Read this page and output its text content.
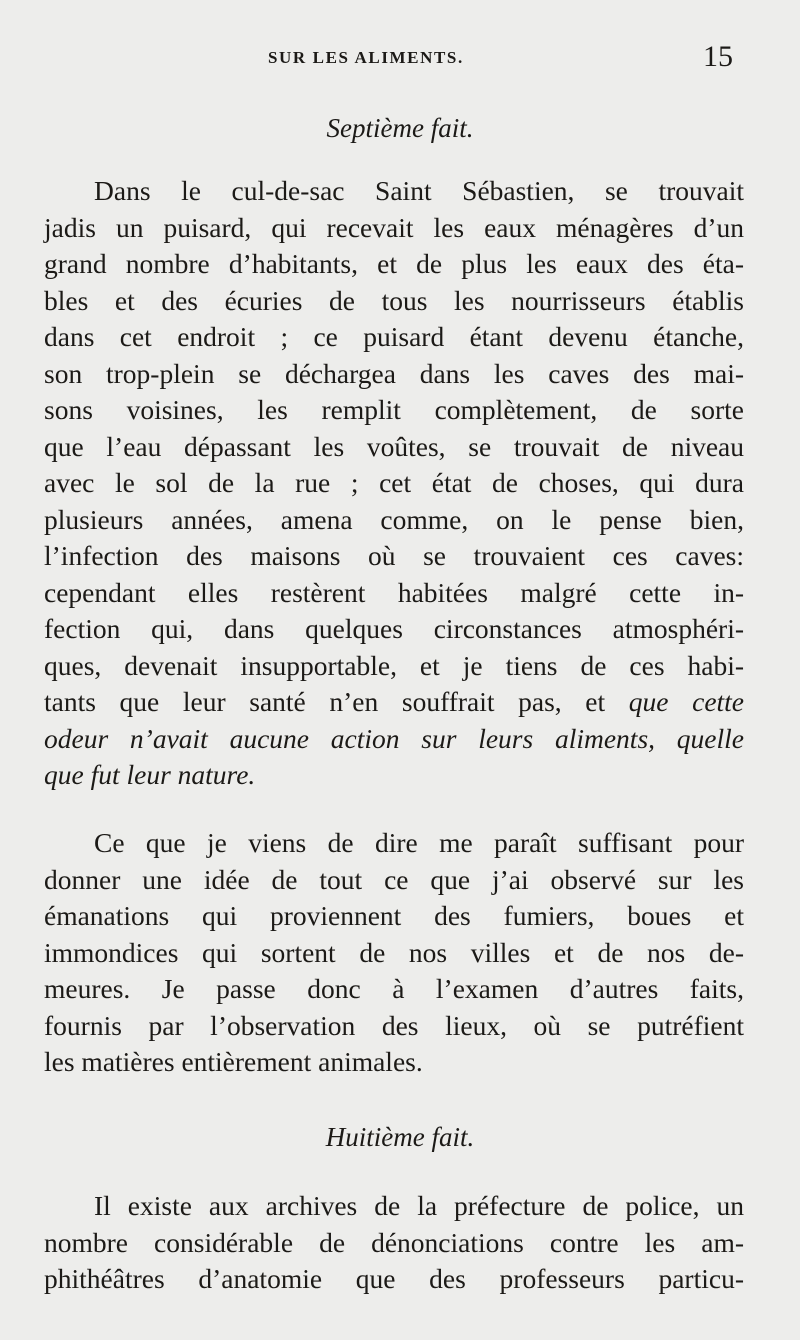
SUR LES ALIMENTS.	15
Septième fait.
Dans le cul-de-sac Saint Sébastien, se trouvait
jadis un puisard, qui recevait les eaux ménagères d’un
grand nombre d’habitants, et de plus les eaux des éta-
bles et des écuries de tous les nourrisseurs établis
dans cet endroit ; ce puisard étant devenu étanche,
son trop-plein se déchargea dans les caves des mai-
sons voisines, les remplit complètement, de sorte
que l’eau dépassant les voûtes, se trouvait de niveau
avec le sol de la rue ; cet état de choses, qui dura
plusieurs années, amena comme, on le pense bien,
l’infection des maisons où se trouvaient ces caves:
cependant elles restèrent habitées malgré cette in-
fection qui, dans quelques circonstances atmosphéri-
ques, devenait insupportable, et je tiens de ces habi-
tants que leur santé n’en souffrait pas, et que cette
odeur n’avait aucune action sur leurs aliments, quelle
que fut leur nature.
Ce que je viens de dire me paraît suffisant pour
donner une idée de tout ce que j’ai observé sur les
émanations qui proviennent des fumiers, boues et
immondices qui sortent de nos villes et de nos de-
meures. Je passe donc à l’examen d’autres faits,
fournis par l’observation des lieux, où se putréfient
les matières entièrement animales.
Huitième fait.
Il existe aux archives de la préfecture de police, un
nombre considérable de dénonciations contre les am-
phithéâtres d’anatomie que des professeurs particu-
